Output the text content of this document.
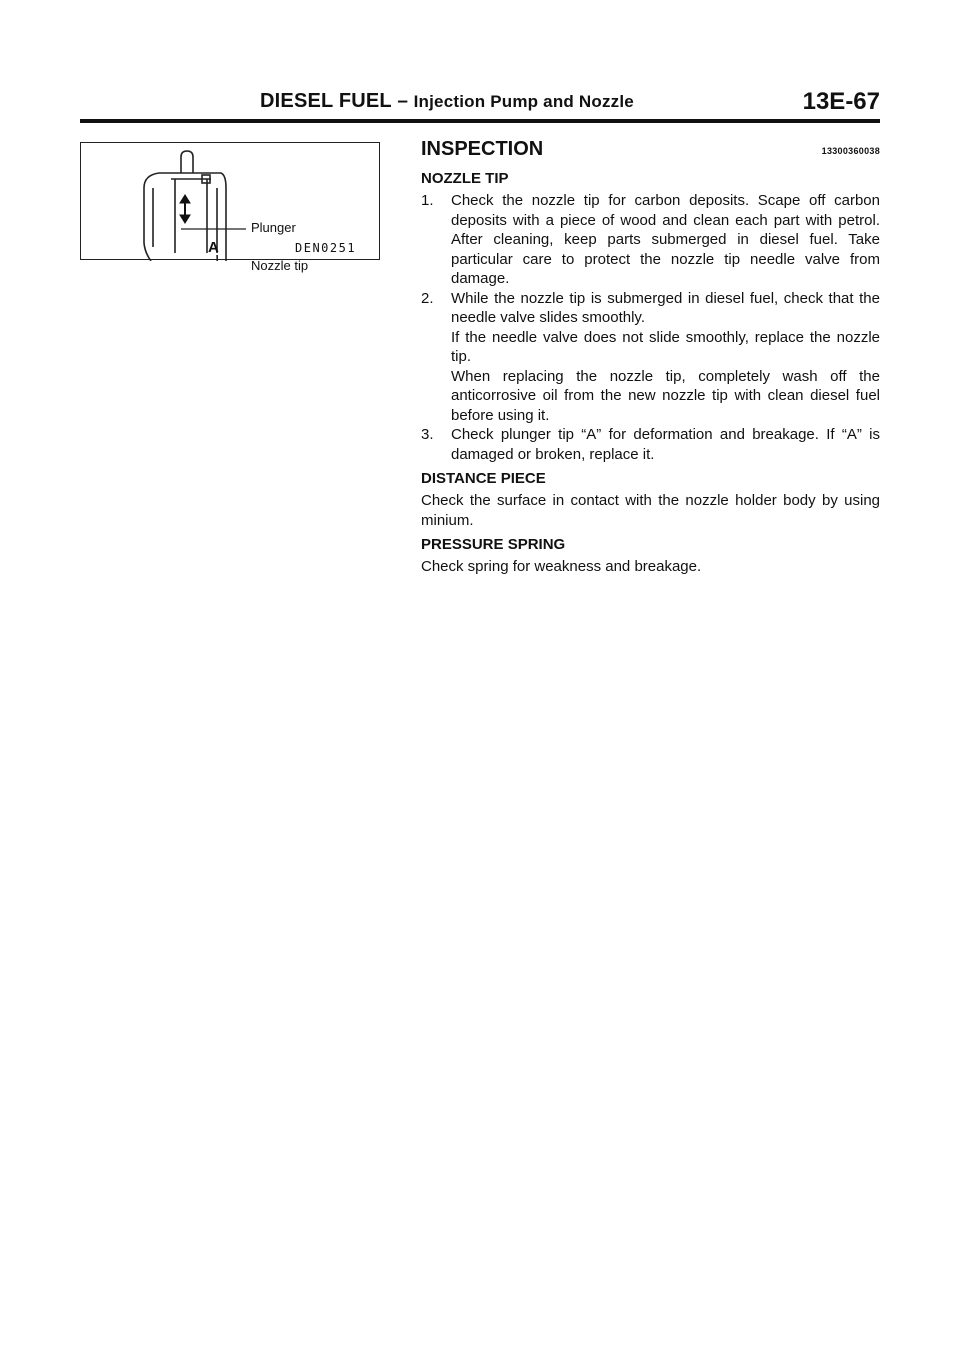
DIESEL FUEL – Injection Pump and Nozzle	13E-67
Plunger
Nozzle tip
A	DEN0251
INSPECTION	13300360038
NOZZLE TIP
1. Check the nozzle tip for carbon deposits. Scape off carbon deposits with a piece of wood and clean each part with petrol. After cleaning, keep parts submerged in diesel fuel. Take particular care to protect the nozzle tip needle valve from damage.
2. While the nozzle tip is submerged in diesel fuel, check that the needle valve slides smoothly.
If the needle valve does not slide smoothly, replace the nozzle tip.
When replacing the nozzle tip, completely wash off the anticorrosive oil from the new nozzle tip with clean diesel fuel before using it.
3. Check plunger tip “A” for deformation and breakage. If “A” is damaged or broken, replace it.
DISTANCE PIECE

Check the surface in contact with the nozzle holder body by using minium.

PRESSURE SPRING

Check spring for weakness and breakage.
